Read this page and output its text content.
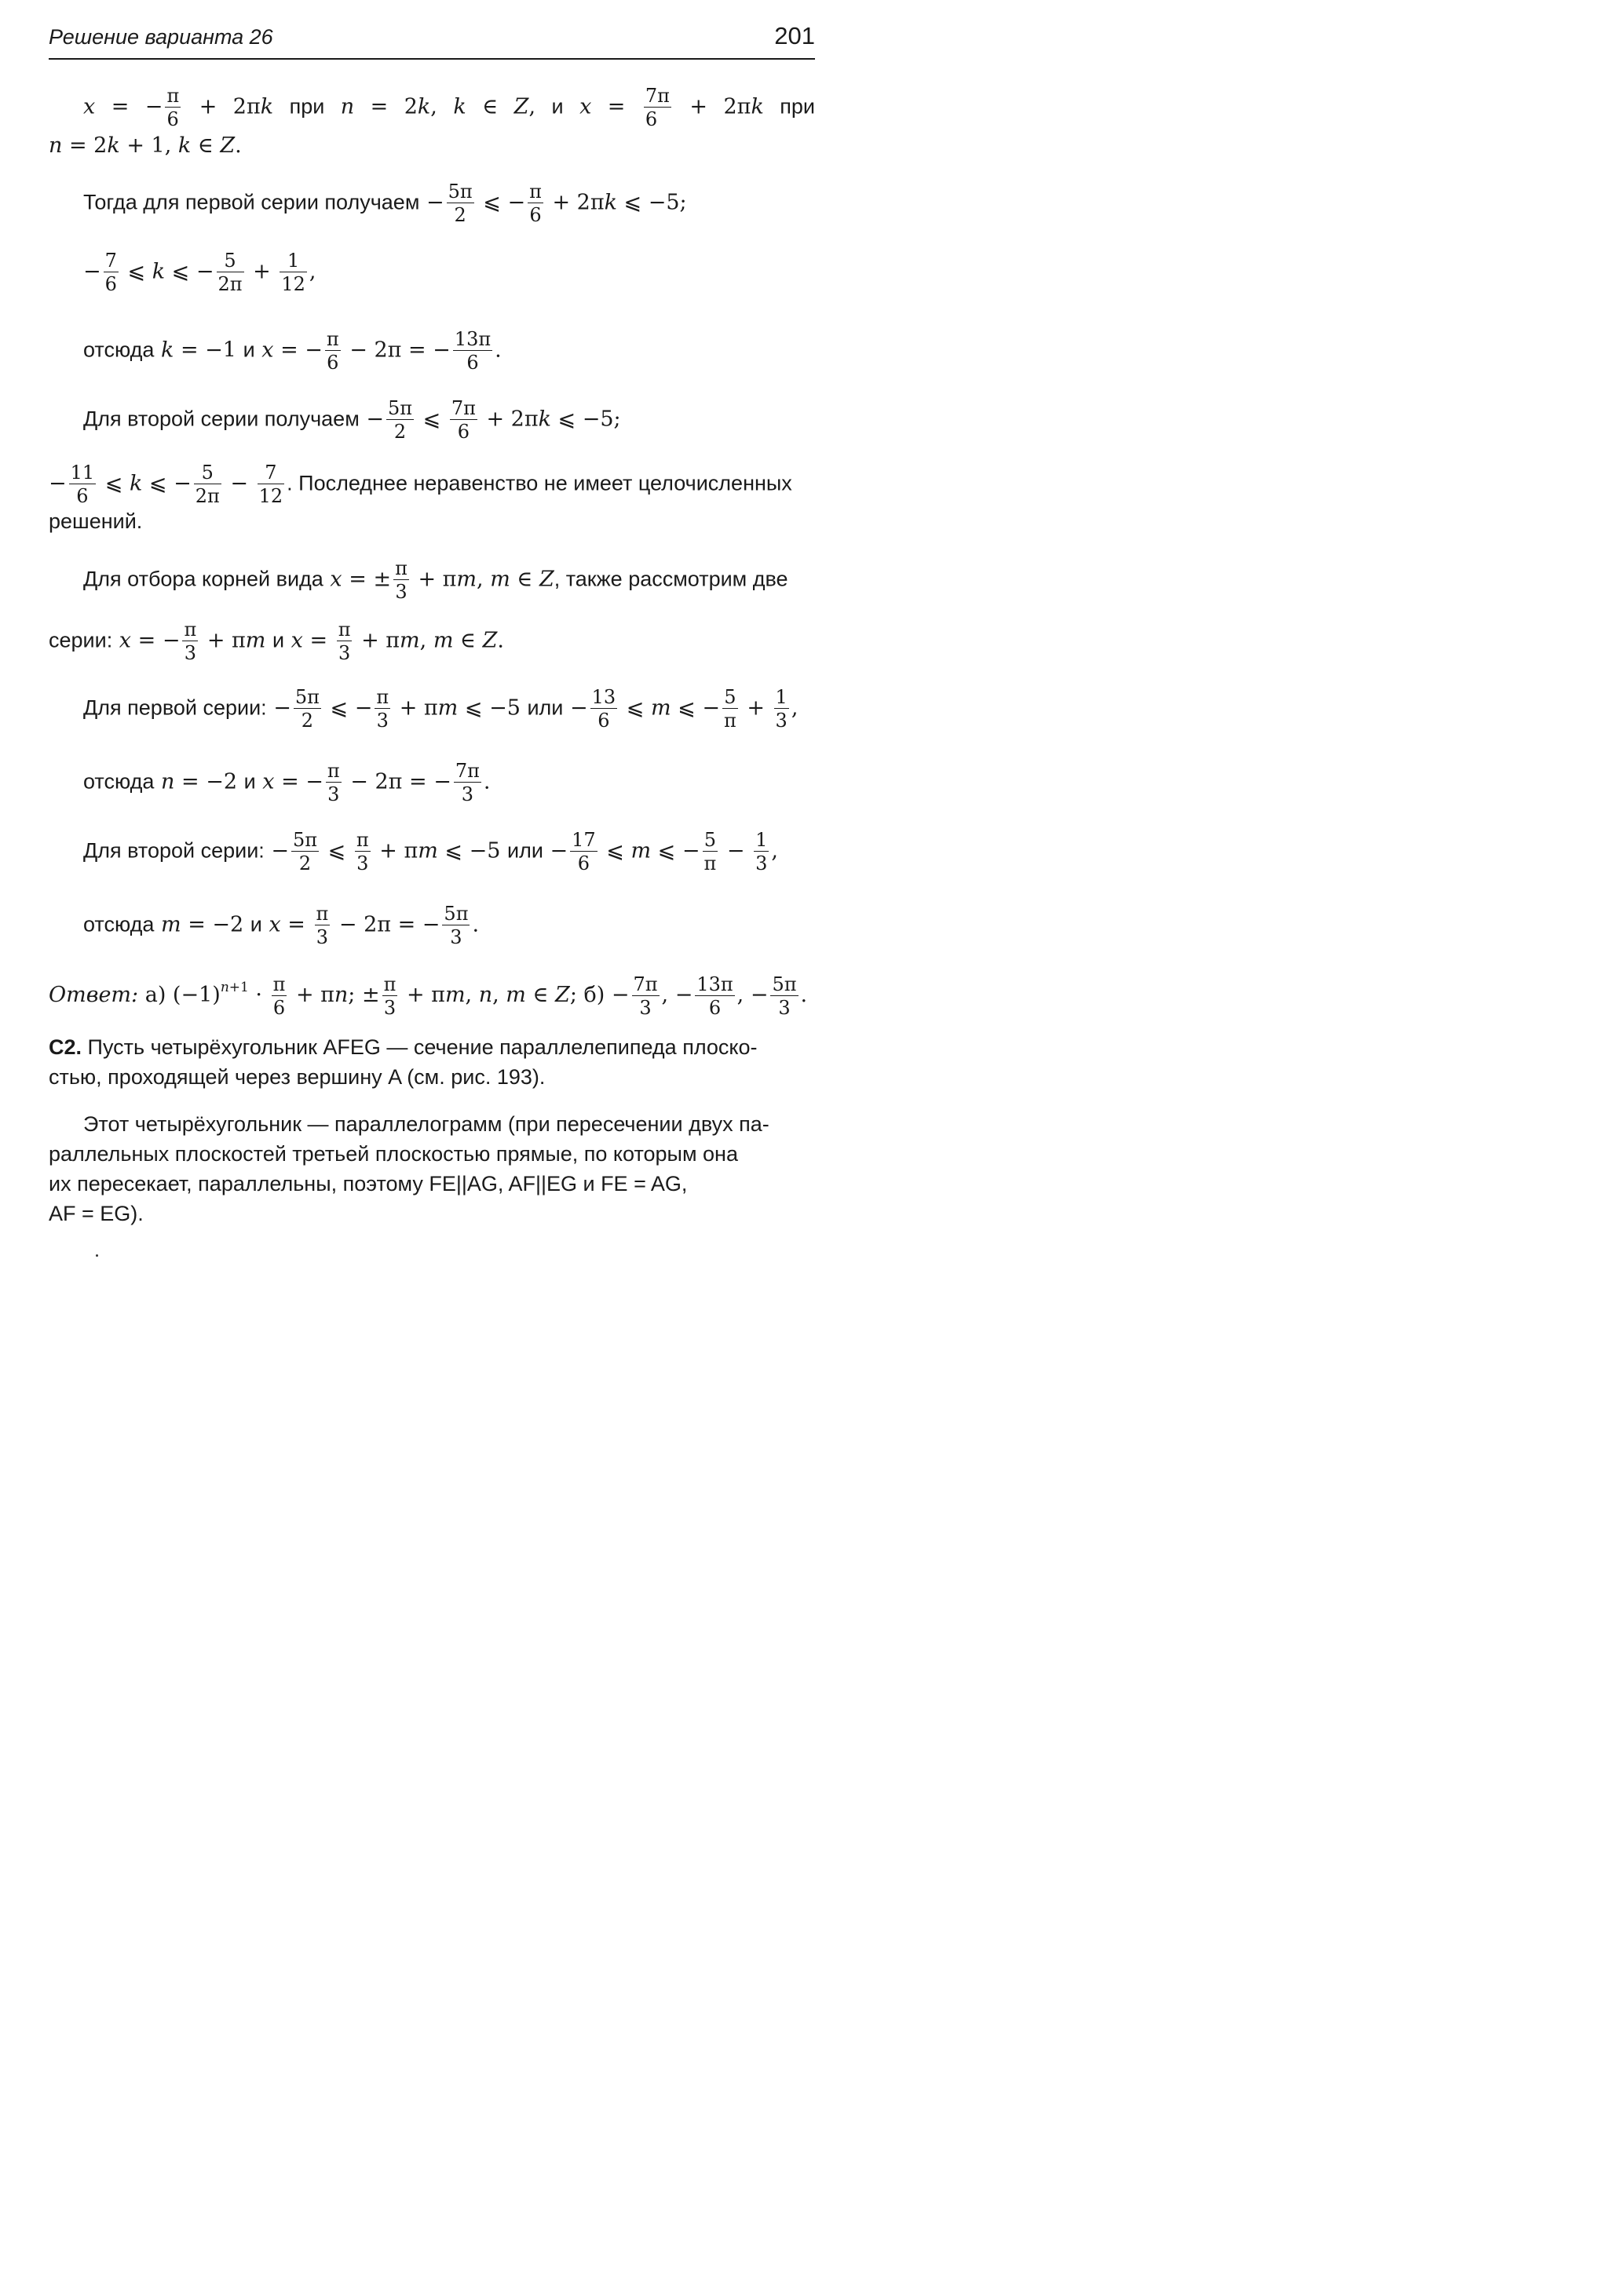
Решение варианта 26	201
x = − $\frac{\pi}{6} + 2\pi k$ при n = 2k, k ∈ Z, и $x = \frac{7\pi}{6} + 2\pi k$ при
n = 2k + 1, k ∈ Z.
Тогда для первой серии получаем − $\frac{5\pi}{2}$ ⩽ − $\frac{\pi}{6} + 2\pi k$ ⩽ −5;
− $\frac{7}{6}$ ⩽ k ⩽ − $\frac{5}{2\pi} + \frac{1}{12}$ ,
отсюда k = −1 и x = − $\frac{\pi}{6} - 2\pi$ = − $\frac{13\pi}{6}$ .
Для второй серии получаем − $\frac{5\pi}{2}$ ⩽ $\frac{7\pi}{6} + 2\pi k$ ⩽ −5;
− $\frac{11}{6}$ ⩽ k ⩽ − $\frac{5}{2\pi} - \frac{7}{12}$ . Последнее неравенство не имеет целочисленных
решений.
Для отбора корней вида x = ± $\frac{\pi}{3} + \pi m$, m ∈ Z, также рассмотрим две
серии: x = − $\frac{\pi}{3} + \pi m$ и $x = \frac{\pi}{3} + \pi m$, m ∈ Z.
Для первой серии: − $\frac{5\pi}{2}$ ⩽ − $\frac{\pi}{3} + \pi m$ ⩽ −5 или − $\frac{13}{6}$ ⩽ m ⩽ − $\frac{5}{\pi} + \frac{1}{3}$ ,
отсюда n = −2 и x = − $\frac{\pi}{3} - 2\pi$ = − $\frac{7\pi}{3}$ .
Для второй серии: − $\frac{5\pi}{2}$ ⩽ $\frac{\pi}{3} + \pi m$ ⩽ −5 или − $\frac{17}{6}$ ⩽ m ⩽ − $\frac{5}{\pi} - \frac{1}{3}$ ,
отсюда m = −2 и $x = \frac{\pi}{3} - 2\pi$ = − $\frac{5\pi}{3}$ .
Ответ: а) $(-1)^{n+1} \cdot \frac{\pi}{6} + \pi n$; ± $\frac{\pi}{3} + \pi m$, n, m ∈ Z; $б) - \frac{7\pi}{3}$ , − $\frac{13\pi}{6}$ , − $\frac{5\pi}{3}$ .
С2. Пусть четырёхугольник AFEG — сечение параллелепипеда плоско-
стью, проходящей через вершину A (см. рис. 193).
Этот четырёхугольник — параллелограмм (при пересечении двух па-
раллельных плоскостей третьей плоскостью прямые, по которым она
их пересекает, параллельны, поэтому FE||AG, AF||EG и FE = AG,
AF = EG).
